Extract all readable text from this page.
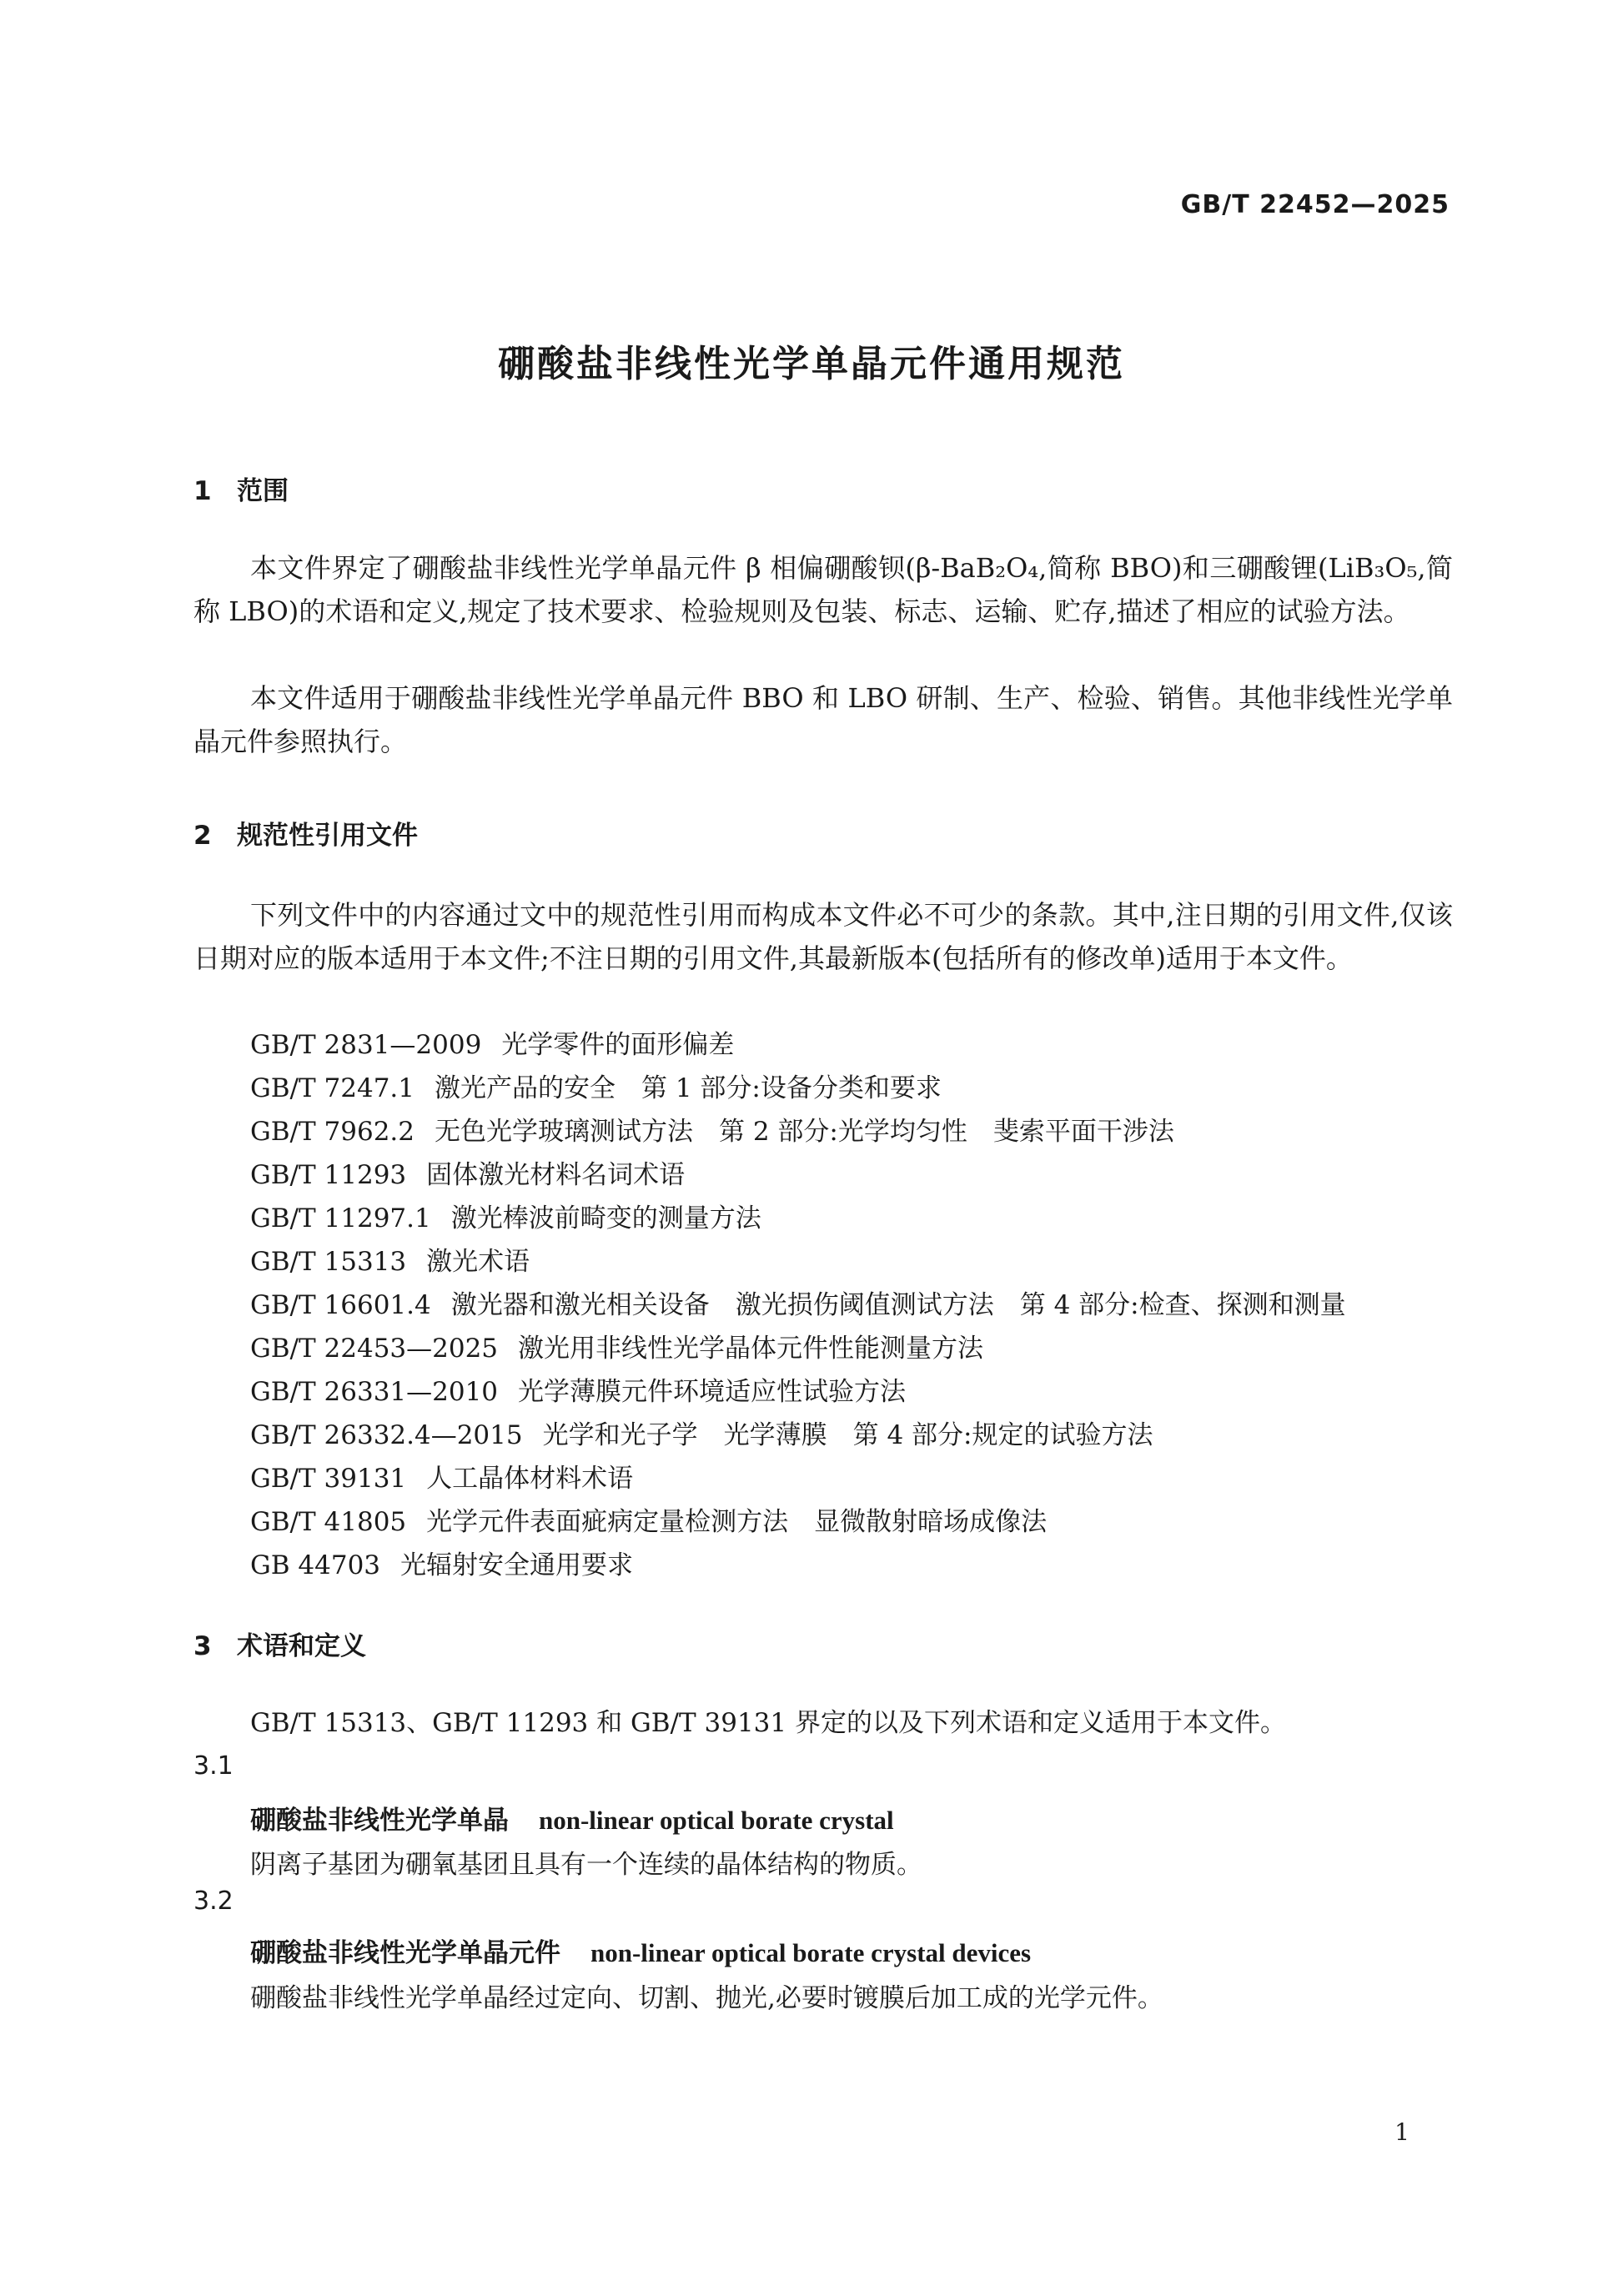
GB/T 22452—2025
硼酸盐非线性光学单晶元件通用规范
1 范围

本文件界定了硼酸盐非线性光学单晶元件 β 相偏硼酸钡(β-BaB₂O₄,简称 BBO)和三硼酸锂(LiB₃O₅,简称 LBO)的术语和定义,规定了技术要求、检验规则及包装、标志、运输、贮存,描述了相应的试验方法。

本文件适用于硼酸盐非线性光学单晶元件 BBO 和 LBO 研制、生产、检验、销售。其他非线性光学单晶元件参照执行。

2 规范性引用文件

下列文件中的内容通过文中的规范性引用而构成本文件必不可少的条款。其中,注日期的引用文件,仅该日期对应的版本适用于本文件;不注日期的引用文件,其最新版本(包括所有的修改单)适用于本文件。

GB/T 2831—2009 光学零件的面形偏差
GB/T 7247.1 激光产品的安全　第 1 部分:设备分类和要求
GB/T 7962.2 无色光学玻璃测试方法　第 2 部分:光学均匀性　斐索平面干涉法
GB/T 11293 固体激光材料名词术语
GB/T 11297.1 激光棒波前畸变的测量方法
GB/T 15313 激光术语
GB/T 16601.4 激光器和激光相关设备　激光损伤阈值测试方法　第 4 部分:检查、探测和测量
GB/T 22453—2025 激光用非线性光学晶体元件性能测量方法
GB/T 26331—2010 光学薄膜元件环境适应性试验方法
GB/T 26332.4—2015 光学和光子学　光学薄膜　第 4 部分:规定的试验方法
GB/T 39131 人工晶体材料术语
GB/T 41805 光学元件表面疵病定量检测方法　显微散射暗场成像法
GB 44703 光辐射安全通用要求
3 术语和定义
GB/T 15313、GB/T 11293 和 GB/T 39131 界定的以及下列术语和定义适用于本文件。
3.1
硼酸盐非线性光学单晶 non-linear optical borate crystal
阴离子基团为硼氧基团且具有一个连续的晶体结构的物质。
3.2
硼酸盐非线性光学单晶元件 non-linear optical borate crystal devices
硼酸盐非线性光学单晶经过定向、切割、抛光,必要时镀膜后加工成的光学元件。
1
